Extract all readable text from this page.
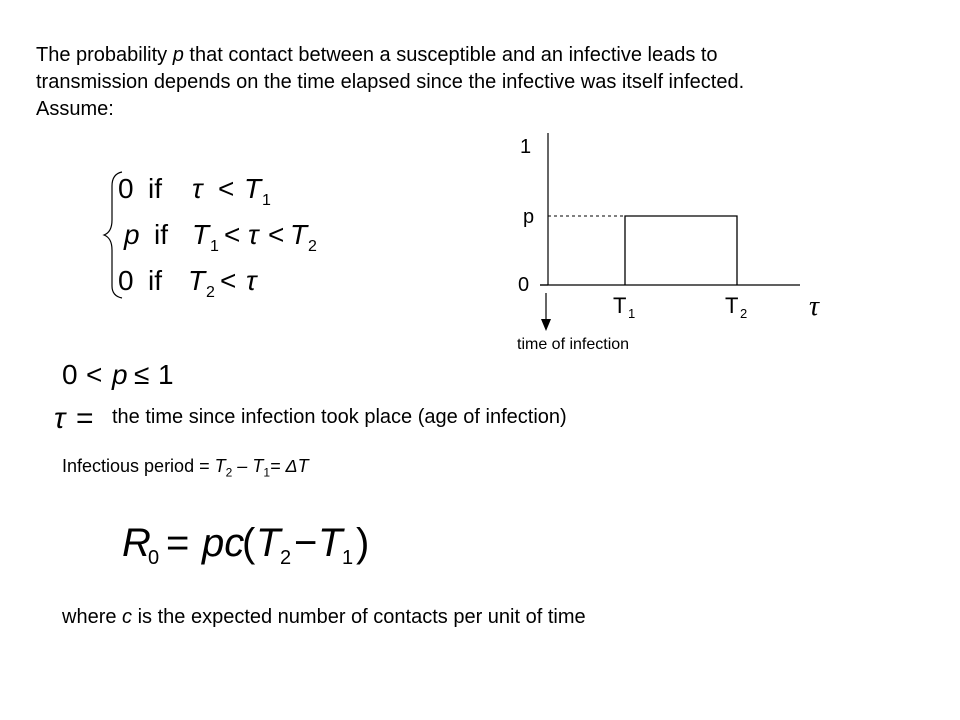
The probability p that contact between a susceptible and an infective leads to
transmission depends on the time elapsed since the infective was itself infected.
Assume:
0 if τ < T 1
p if T 1 < τ < T 2
0 if T 2 < τ
0 < p ≤ 1
τ = the time since infection took place (age of infection)
Infectious period = $T_2 - T_1= \Delta T$
R
0 = pc
( T 2 − T 1 )
where c is the expected number of contacts per unit of time
1
p
0
T 1	T 2 τ
time of infection
